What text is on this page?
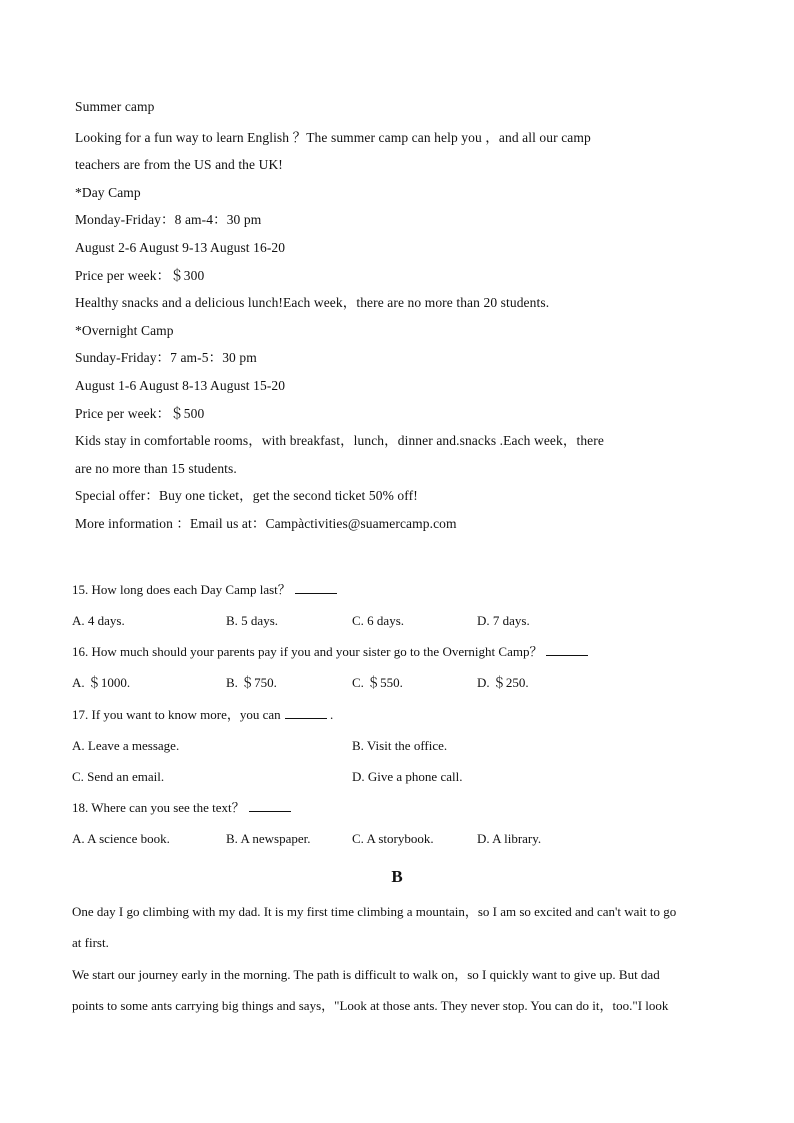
Summer camp
Looking for a fun way to learn English ？The summer camp can help you ，and all our camp
teachers are from the US and the UK!
*Day Camp
Monday-Friday：8 am-4：30 pm
August 2-6 August 9-13 August 16-20
Price per week：＄300
Healthy snacks and a delicious lunch!Each week，there are no more than 20 students.
*Overnight Camp
Sunday-Friday：7 am-5：30 pm
August 1-6 August 8-13 August 15-20
Price per week：＄500
Kids stay in comfortable rooms，with breakfast，lunch，dinner and.snacks .Each week，there
are no more than 15 students.
Special offer：Buy one ticket，get the second ticket 50% off!
More information ：Email us at：Campàctivities@suamercamp.com
15. How long does each Day Camp last？
A. 4 days.	B. 5 days.	C. 6 days.	D. 7 days.
16. How much should your parents pay if you and your sister go to the Overnight Camp？
A. ＄1000.	B. ＄750.	C. ＄550.	D. ＄250.
17. If you want to know more，you can	.
A. Leave a message.	B. Visit the office.
C. Send an email.	D. Give a phone call.
18. Where can you see the text？
A. A science book.	B. A newspaper.	C. A storybook.	D. A library.
B
One day I go climbing with my dad. It is my first time climbing a mountain，so I am so excited and can't wait to go
at first.
We start our journey early in the morning. The path is difficult to walk on，so I quickly want to give up. But dad
points to some ants carrying big things and says，"Look at those ants. They never stop. You can do it，too."I look
